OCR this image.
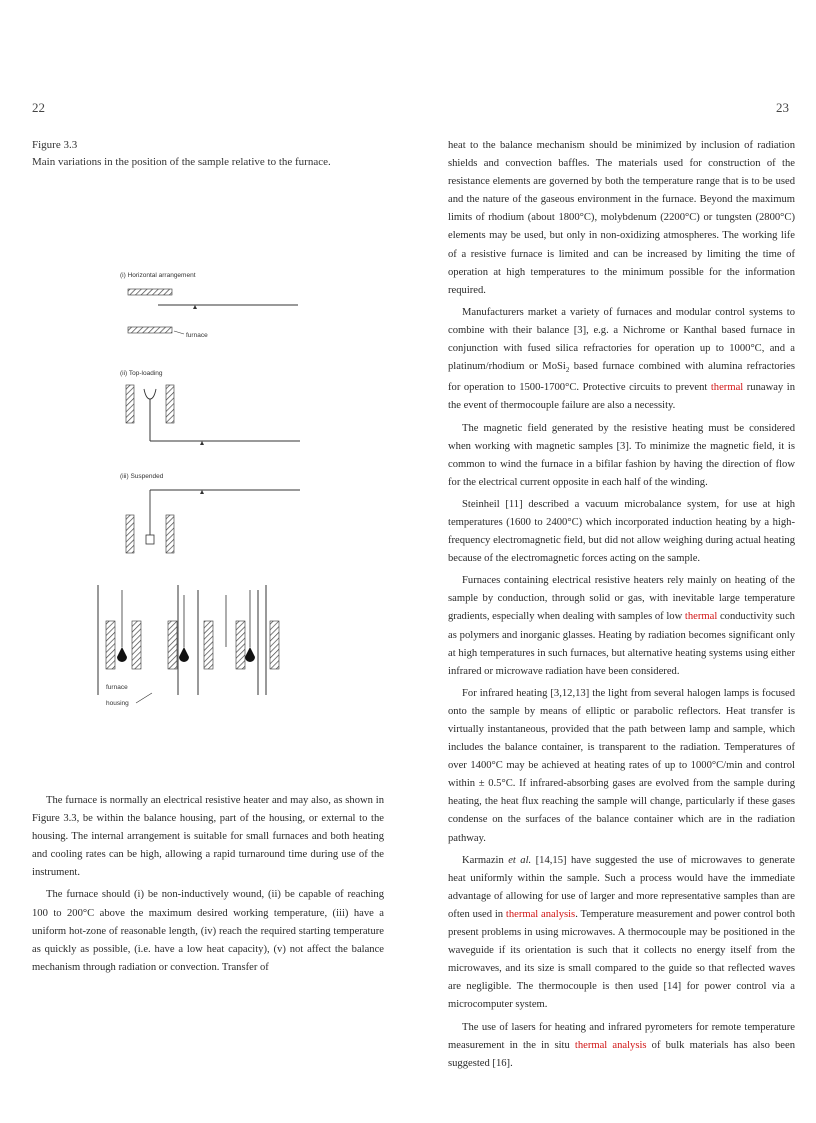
22
Figure 3.3
Main variations in the position of the sample relative to the furnace.
(i) Horizontal arrangement
furnace
(ii) Top-loading
(iii) Suspended
furnace
housing

The furnace is normally an electrical resistive heater and may also, as shown in Figure 3.3, be within the balance housing, part of the housing, or external to the housing. The internal arrangement is suitable for small furnaces and both heating and cooling rates can be high, allowing a rapid turnaround time during use of the instrument.

The furnace should (i) be non-inductively wound, (ii) be capable of reaching 100 to 200°C above the maximum desired working temperature, (iii) have a uniform hot-zone of reasonable length, (iv) reach the required starting temperature as quickly as possible, (i.e. have a low heat capacity), (v) not affect the balance mechanism through radiation or convection. Transfer of

23

heat to the balance mechanism should be minimized by inclusion of radiation shields and convection baffles. The materials used for construction of the resistance elements are governed by both the temperature range that is to be used and the nature of the gaseous environment in the furnace. Beyond the maximum limits of rhodium (about 1800°C), molybdenum (2200°C) or tungsten (2800°C) elements may be used, but only in non-oxidizing atmospheres. The working life of a resistive furnace is limited and can be increased by limiting the time of operation at high temperatures to the minimum possible for the information required.

Manufacturers market a variety of furnaces and modular control systems to combine with their balance [3], e.g. a Nichrome or Kanthal based furnace in conjunction with fused silica refractories for operation up to 1000°C, and a platinum/rhodium or MoSi$_2$ based furnace combined with alumina refractories for operation to 1500-1700°C. Protective circuits to prevent thermal runaway in the event of thermocouple failure are also a necessity.

The magnetic field generated by the resistive heating must be considered when working with magnetic samples [3]. To minimize the magnetic field, it is common to wind the furnace in a bifilar fashion by having the direction of flow for the electrical current opposite in each half of the winding.

Steinheil [11] described a vacuum microbalance system, for use at high temperatures (1600 to 2400°C) which incorporated induction heating by a high-frequency electromagnetic field, but did not allow weighing during actual heating because of the electromagnetic forces acting on the sample.

Furnaces containing electrical resistive heaters rely mainly on heating of the sample by conduction, through solid or gas, with inevitable large temperature gradients, especially when dealing with samples of low thermal conductivity such as polymers and inorganic glasses. Heating by radiation becomes significant only at high temperatures in such furnaces, but alternative heating systems using either infrared or microwave radiation have been considered.

For infrared heating [3,12,13] the light from several halogen lamps is focused onto the sample by means of elliptic or parabolic reflectors. Heat transfer is virtually instantaneous, provided that the path between lamp and sample, which includes the balance container, is transparent to the radiation. Temperatures of over 1400°C may be achieved at heating rates of up to 1000°C/min and control within ± 0.5°C. If infrared-absorbing gases are evolved from the sample during heating, the heat flux reaching the sample will change, particularly if these gases condense on the surfaces of the balance container which are in the radiation pathway.

Karmazin et al. [14,15] have suggested the use of microwaves to generate heat uniformly within the sample. Such a process would have the immediate advantage of allowing for use of larger and more representative samples than are often used in thermal analysis. Temperature measurement and power control both present problems in using microwaves. A thermocouple may be positioned in the waveguide if its orientation is such that it collects no energy itself from the microwaves, and its size is small compared to the guide so that reflected waves are negligible. The thermocouple is then used [14] for power control via a microcomputer system.

The use of lasers for heating and infrared pyrometers for remote temperature measurement in the in situ thermal analysis of bulk materials has also been suggested [16].
